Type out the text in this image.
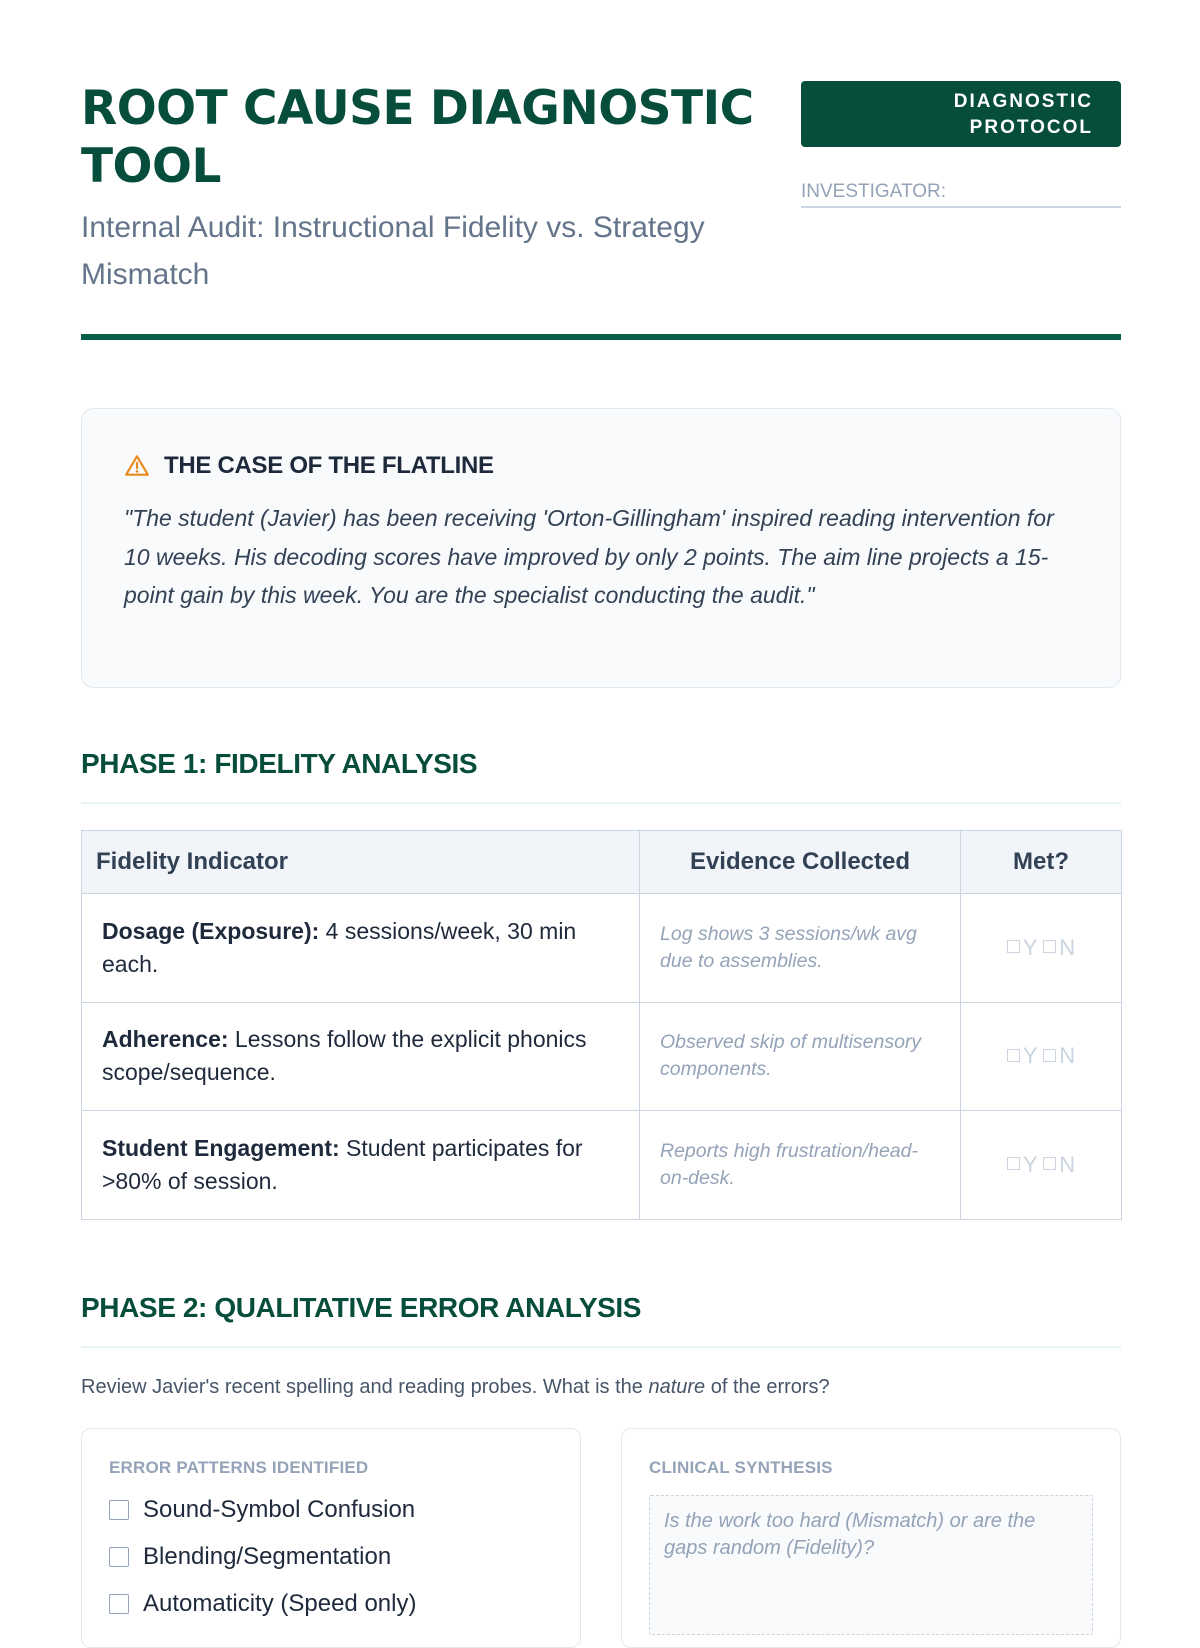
ROOT CAUSE DIAGNOSTIC TOOL
Internal Audit: Instructional Fidelity vs. Strategy Mismatch
DIAGNOSTIC
PROTOCOL
INVESTIGATOR:
THE CASE OF THE FLATLINE
"The student (Javier) has been receiving 'Orton-Gillingham' inspired reading intervention for 10 weeks. His decoding scores have improved by only 2 points. The aim line projects a 15-point gain by this week. You are the specialist conducting the audit."
PHASE 1: FIDELITY ANALYSIS
Fidelity Indicator	Evidence Collected	Met?
Dosage (Exposure): 4 sessions/week, 30 min each.	Log shows 3 sessions/wk avg due to assemblies.	Y N
Adherence: Lessons follow the explicit phonics scope/sequence.	Observed skip of multisensory components.	Y N
Student Engagement: Student participates for >80% of session.	Reports high frustration/head-on-desk.	Y N
PHASE 2: QUALITATIVE ERROR ANALYSIS
Review Javier's recent spelling and reading probes. What is the nature of the errors?
ERROR PATTERNS IDENTIFIED
Sound-Symbol Confusion
Blending/Segmentation
Automaticity (Speed only)
CLINICAL SYNTHESIS
Is the work too hard (Mismatch) or are the gaps random (Fidelity)?
